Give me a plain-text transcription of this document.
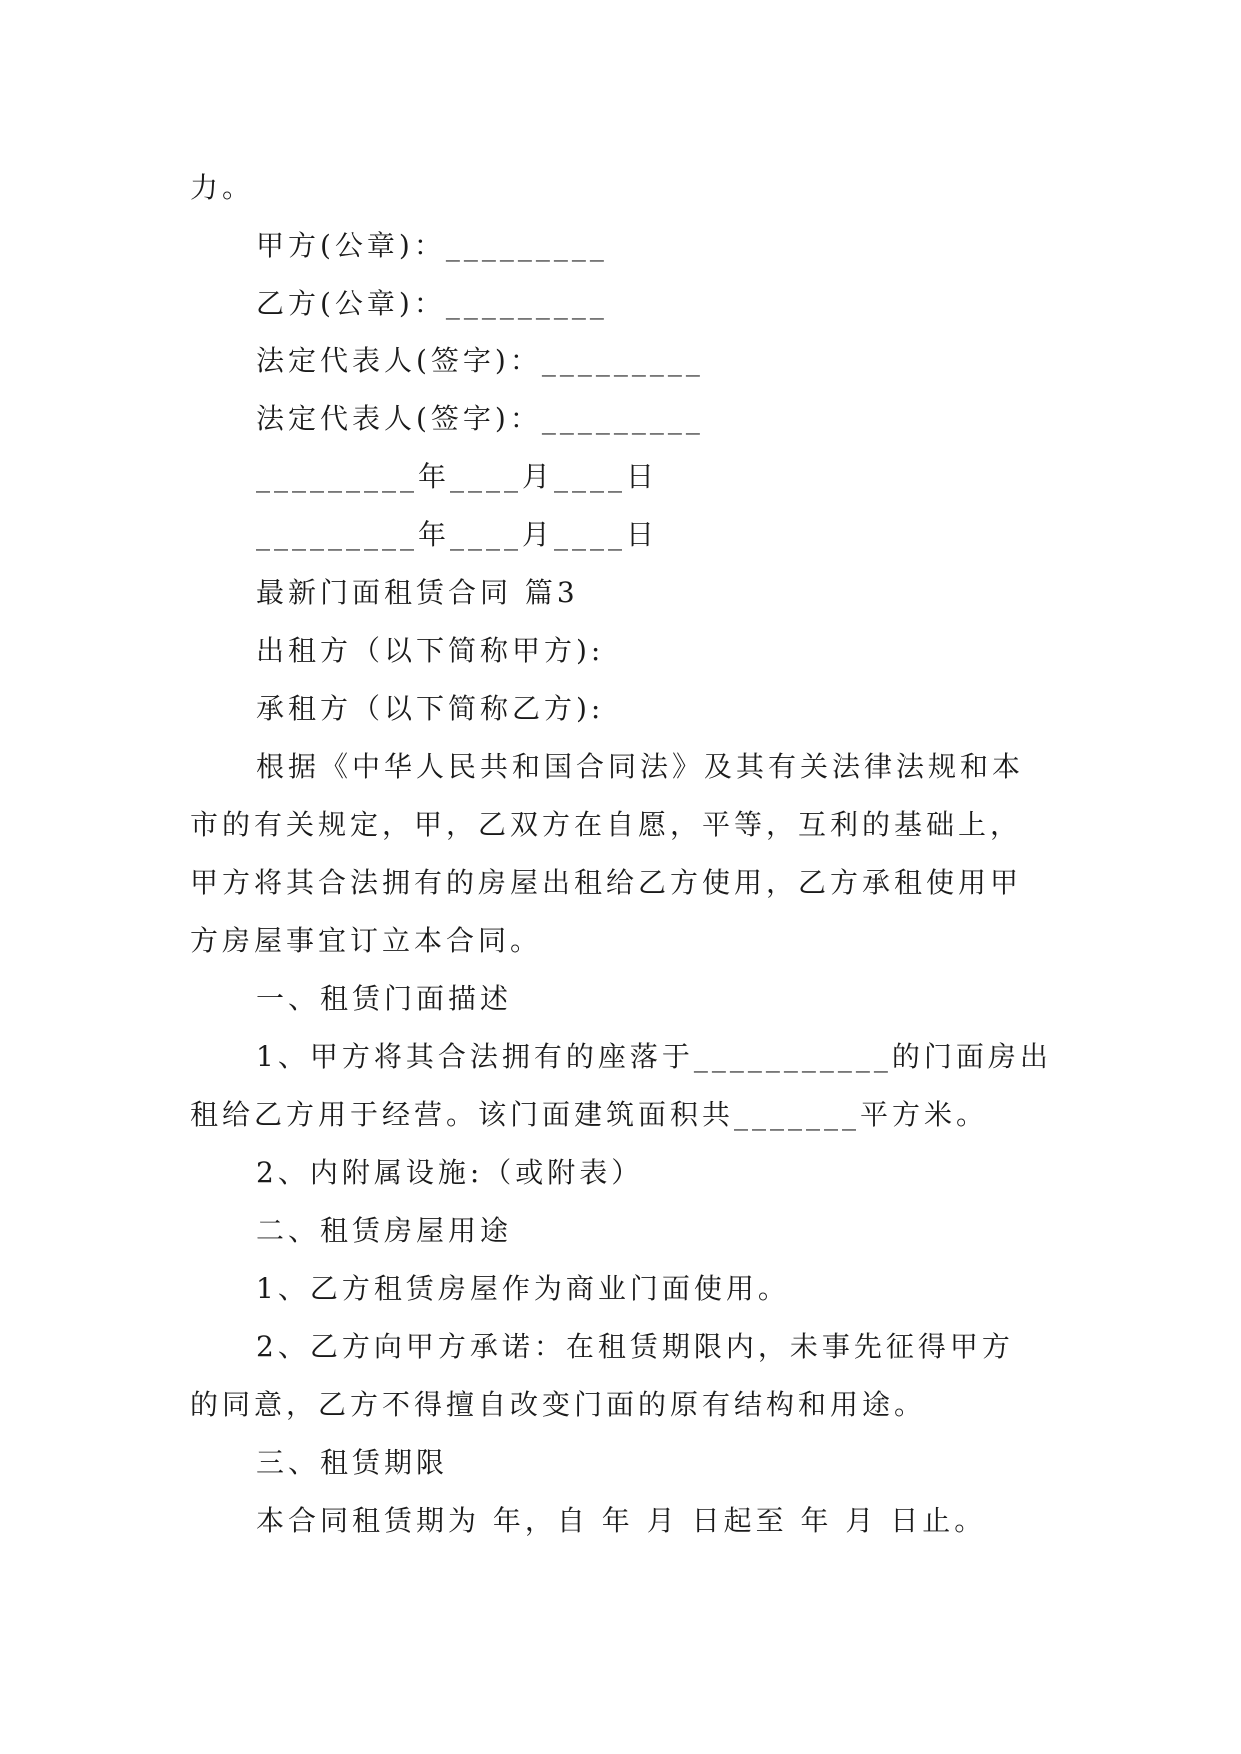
力。
甲方(公章)：_________
乙方(公章)：_________
法定代表人(签字)：_________
法定代表人(签字)：_________
_________年____月____日
_________年____月____日
最新门面租赁合同 篇3
出租方（以下简称甲方):
承租方（以下简称乙方):
根据《中华人民共和国合同法》及其有关法律法规和本
市的有关规定，甲，乙双方在自愿，平等，互利的基础上，
甲方将其合法拥有的房屋出租给乙方使用，乙方承租使用甲
方房屋事宜订立本合同。
一、租赁门面描述
1、甲方将其合法拥有的座落于___________的门面房出
租给乙方用于经营。该门面建筑面积共_______平方米。
2、内附属设施:（或附表）
二、租赁房屋用途
1、乙方租赁房屋作为商业门面使用。
2、乙方向甲方承诺：在租赁期限内，未事先征得甲方
的同意，乙方不得擅自改变门面的原有结构和用途。
三、租赁期限
本合同租赁期为 年，自 年 月 日起至 年 月 日止。
